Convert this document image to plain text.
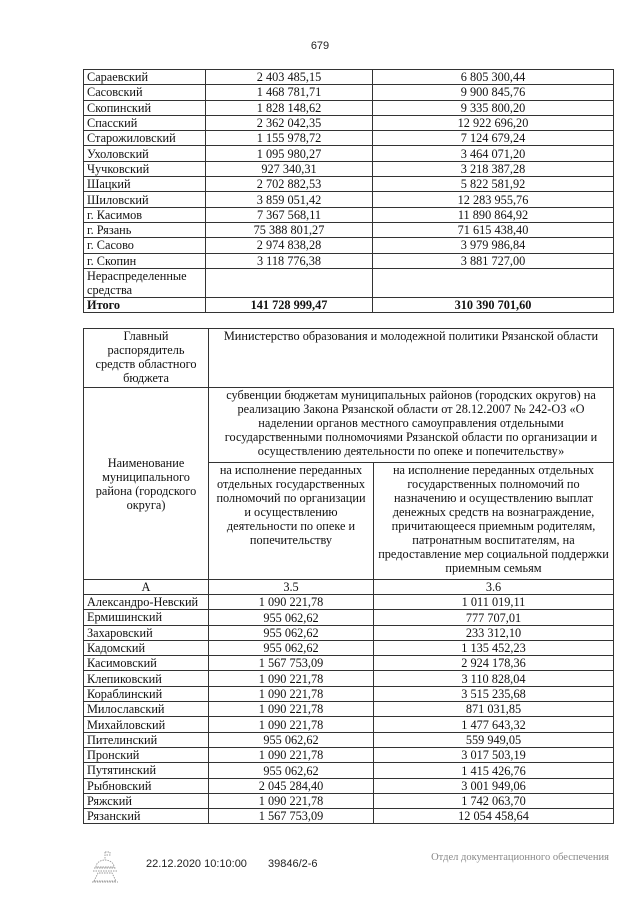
679
Сараевский	2 403 485,15	6 805 300,44
Сасовский	1 468 781,71	9 900 845,76
Скопинский	1 828 148,62	9 335 800,20
Спасский	2 362 042,35	12 922 696,20
Старожиловский	1 155 978,72	7 124 679,24
Ухоловский	1 095 980,27	3 464 071,20
Чучковский	927 340,31	3 218 387,28
Шацкий	2 702 882,53	5 822 581,92
Шиловский	3 859 051,42	12 283 955,76
г. Касимов	7 367 568,11	11 890 864,92
г. Рязань	75 388 801,27	71 615 438,40
г. Сасово	2 974 838,28	3 979 986,84
г. Скопин	3 118 776,38	3 881 727,00
Нераспределенные средства		
Итого	141 728 999,47	310 390 701,60
Главный распорядитель средств областного бюджета	Министерство образования и молодежной политики Рязанской области	
Наименование муниципального района (городского округа)	субвенции бюджетам муниципальных районов (городских округов) на реализацию Закона Рязанской области от 28.12.2007 № 242-ОЗ «О наделении органов местного самоуправления отдельными государственными полномочиями Рязанской области по организации и осуществлению деятельности по опеке и попечительству»	
	на исполнение переданных отдельных государственных полномочий по организации и осуществлению деятельности по опеке и попечительству	на исполнение переданных отдельных государственных полномочий по назначению и осуществлению выплат денежных средств на вознаграждение, причитающееся приемным родителям, патронатным воспитателям, на предоставление мер социальной поддержки приемным семьям
А	3.5	3.6
Александро-Невский	1 090 221,78	1 011 019,11
Ермишинский	955 062,62	777 707,01
Захаровский	955 062,62	233 312,10
Кадомский	955 062,62	1 135 452,23
Касимовский	1 567 753,09	2 924 178,36
Клепиковский	1 090 221,78	3 110 828,04
Кораблинский	1 090 221,78	3 515 235,68
Милославский	1 090 221,78	871 031,85
Михайловский	1 090 221,78	1 477 643,32
Пителинский	955 062,62	559 949,05
Пронский	1 090 221,78	3 017 503,19
Путятинский	955 062,62	1 415 426,76
Рыбновский	2 045 284,40	3 001 949,06
Ряжский	1 090 221,78	1 742 063,70
Рязанский	1 567 753,09	12 054 458,64
22.12.2020 10:10:00 39846/2-6
Отдел документационного обеспечения
